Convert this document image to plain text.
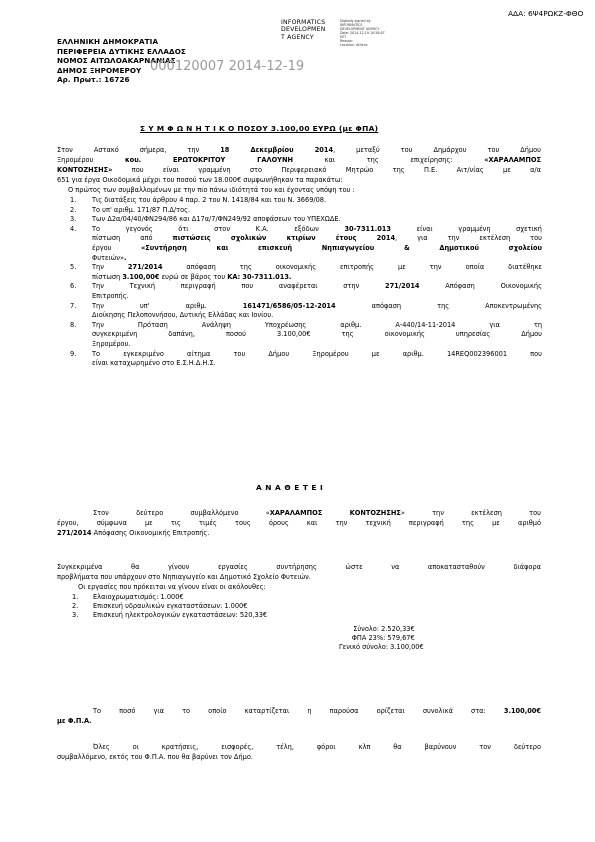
ΑΔΑ: 6Ψ4ΡΩΚΖ-ΦΘΟ
INFORMATICS
DEVELOPMEN
T AGENCY
Digitally signed by
INFORMATICS
DEVELOPMENT AGENCY
Date: 2014.12.19 10:58:07
EET
Reason:
Location: Athens
ΕΛΛΗΝΙΚΗ ΔΗΜΟΚΡΑΤΙΑ
ΠΕΡΙΦΕΡΕΙΑ ΔΥΤΙΚΗΣ ΕΛΛΑΔΟΣ
ΝΟΜΟΣ ΑΙΤΩΛΟΑΚΑΡΝΑΝΙΑΣ
ΔΗΜΟΣ ΞΗΡΟΜΕΡΟΥ
Αρ. Πρωτ.: 16726
000120007 2014-12-19
Σ Υ Μ Φ Ω Ν Η Τ Ι Κ Ο ΠΟΣΟΥ 3.100,00 ΕΥΡΩ (με ΦΠΑ)
Στον Αστακό σήμερα, την 18 Δεκεμβρίου 2014, μεταξύ του Δημάρχου του Δήμου
Ξηρομέρου κου. ΕΡΩΤΟΚΡΙΤΟΥ ΓΑΛΟΥΝΗ και της επιχείρησης: «ΧΑΡΑΛΑΜΠΟΣ
ΚΟΝΤΟΖΗΣΗΣ» που είναι γραμμένη στο Περιφερειακό Μητρώο της Π.Ε. Αιτ/νίας με α/α
651 για έργα Οικοδομικά μέχρι του ποσού των 18.000€ συμφωνήθηκαν τα παρακάτω:
Ο πρώτος των συμβαλλομένων με την πιο πάνω ιδιότητά του και έχοντας υπόψη του :
1. Τις διατάξεις του άρθρου 4 παρ. 2 του Ν. 1418/84 και του Ν. 3669/08.
2. Το υπ' αριθμ. 171/87 Π.Δ/τος.
3. Των Δ2α/04/40/ΦΝ294/86 και Δ17α/7/ΦΝ249/92 αποφάσεων του ΥΠΕΧΩΔΕ.
4. Το γεγονός ότι στον Κ.Α. εξόδων 30-7311.013 είναι γραμμένη σχετική
πίστωση από πιστώσεις σχολικών κτιρίων έτους 2014, για την εκτέλεση του
έργου «Συντήρηση και επισκευή Νηπιαγωγείου & Δημοτικού σχολείου
Φυτειών».
5. Την 271/2014 απόφαση της οικονομικής επιτροπής με την οποία διατέθηκε
πίστωση 3.100,00€ ευρώ σε βάρος του ΚΑ: 30-7311.013.
6. Την Τεχνική περιγραφή που αναφέρεται στην 271/2014 Απόφαση Οικονομικής
Επιτροπής.
7. Την υπ' αριθμ. 161471/6586/05-12-2014 απόφαση της Αποκεντρωμένης
Διοίκησης Πελοποννήσου, Δυτικής Ελλάδας και Ιονίου.
8. Την Πρόταση Ανάληψη Υποχρέωσης αριθμ. Α-440/14-11-2014 για τη
συγκεκριμένη δαπάνη, ποσού 3.100,00€ της οικονομικής υπηρεσίας Δήμου
Ξηρομέρου.
9. Το εγκεκριμένο αίτημα του Δήμου Ξηρομέρου με αριθμ. 14REQ002396001 που
είναι καταχωρημένο στο Ε.Σ.Η.Δ.Η.Σ.
Α Ν Α Θ Ε Τ Ε Ι
Στον δεύτερο συμβαλλόμενο «ΧΑΡΑΛΑΜΠΟΣ ΚΟΝΤΟΖΗΣΗΣ» την εκτέλεση του
έργου, σύμφωνα με τις τιμές τους όρους και την τεχνική περιγραφή της με αριθμό
271/2014 Απόφασης Οικονομικής Επιτροπής.
Συγκεκριμένα θα γίνουν εργασίες συντήρησης ώστε να αποκατασταθούν διάφορα
προβλήματα που υπάρχουν στο Νηπιαγωγείο και Δημοτικό Σχολείο Φυτειών.
Οι εργασίες που πρόκειται να γίνουν είναι οι ακόλουθες:
1. Ελαιοχρωματισμός: 1.000€
2. Επισκευή υδραυλικών εγκαταστάσεων: 1.000€
3. Επισκευή ηλεκτρολογικών εγκαταστάσεων: 520,33€
Σύνολο: 2.520,33€
ΦΠΑ 23%: 579,67€
Γενικό σύνολο: 3.100,00€
Το ποσό για το οποίο καταρτίζεται η παρούσα ορίζεται συνολικά στα: 3.100,00€
με Φ.Π.Α.
Όλες οι κρατήσεις, εισφορές, τέλη, φόροι κλπ θα βαρύνουν τον δεύτερο
συμβαλλόμενο, εκτός του Φ.Π.Α. που θα βαρύνει τον Δήμο.
